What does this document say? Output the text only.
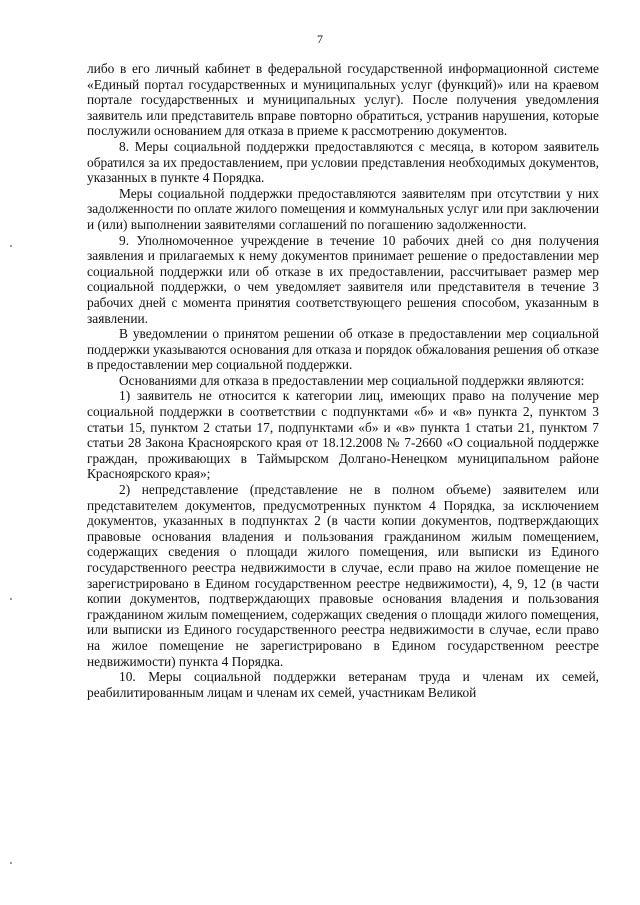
7

либо в его личный кабинет в федеральной государственной информационной системе «Единый портал государственных и муниципальных услуг (функций)» или на краевом портале государственных и муниципальных услуг). После получения уведомления заявитель или представитель вправе повторно обратиться, устранив нарушения, которые послужили основанием для отказа в приеме к рассмотрению документов.

8. Меры социальной поддержки предоставляются с месяца, в котором заявитель обратился за их предоставлением, при условии представления необходимых документов, указанных в пункте 4 Порядка.

Меры социальной поддержки предоставляются заявителям при отсутствии у них задолженности по оплате жилого помещения и коммунальных услуг или при заключении и (или) выполнении заявителями соглашений по погашению задолженности.

9. Уполномоченное учреждение в течение 10 рабочих дней со дня получения заявления и прилагаемых к нему документов принимает решение о предоставлении мер социальной поддержки или об отказе в их предоставлении, рассчитывает размер мер социальной поддержки, о чем уведомляет заявителя или представителя в течение 3 рабочих дней с момента принятия соответствующего решения способом, указанным в заявлении.

В уведомлении о принятом решении об отказе в предоставлении мер социальной поддержки указываются основания для отказа и порядок обжалования решения об отказе в предоставлении мер социальной поддержки.

Основаниями для отказа в предоставлении мер социальной поддержки являются:

1) заявитель не относится к категории лиц, имеющих право на получение мер социальной поддержки в соответствии с подпунктами «б» и «в» пункта 2, пунктом 3 статьи 15, пунктом 2 статьи 17, подпунктами «б» и «в» пункта 1 статьи 21, пунктом 7 статьи 28 Закона Красноярского края от 18.12.2008 № 7-2660 «О социальной поддержке граждан, проживающих в Таймырском Долгано-Ненецком муниципальном районе Красноярского края»;

2) непредставление (представление не в полном объеме) заявителем или представителем документов, предусмотренных пунктом 4 Порядка, за исключением документов, указанных в подпунктах 2 (в части копии документов, подтверждающих правовые основания владения и пользования гражданином жилым помещением, содержащих сведения о площади жилого помещения, или выписки из Единого государственного реестра недвижимости в случае, если право на жилое помещение не зарегистрировано в Едином государственном реестре недвижимости), 4, 9, 12 (в части копии документов, подтверждающих правовые основания владения и пользования гражданином жилым помещением, содержащих сведения о площади жилого помещения, или выписки из Единого государственного реестра недвижимости в случае, если право на жилое помещение не зарегистрировано в Едином государственном реестре недвижимости) пункта 4 Порядка.

10. Меры социальной поддержки ветеранам труда и членам их семей, реабилитированным лицам и членам их семей, участникам Великой
